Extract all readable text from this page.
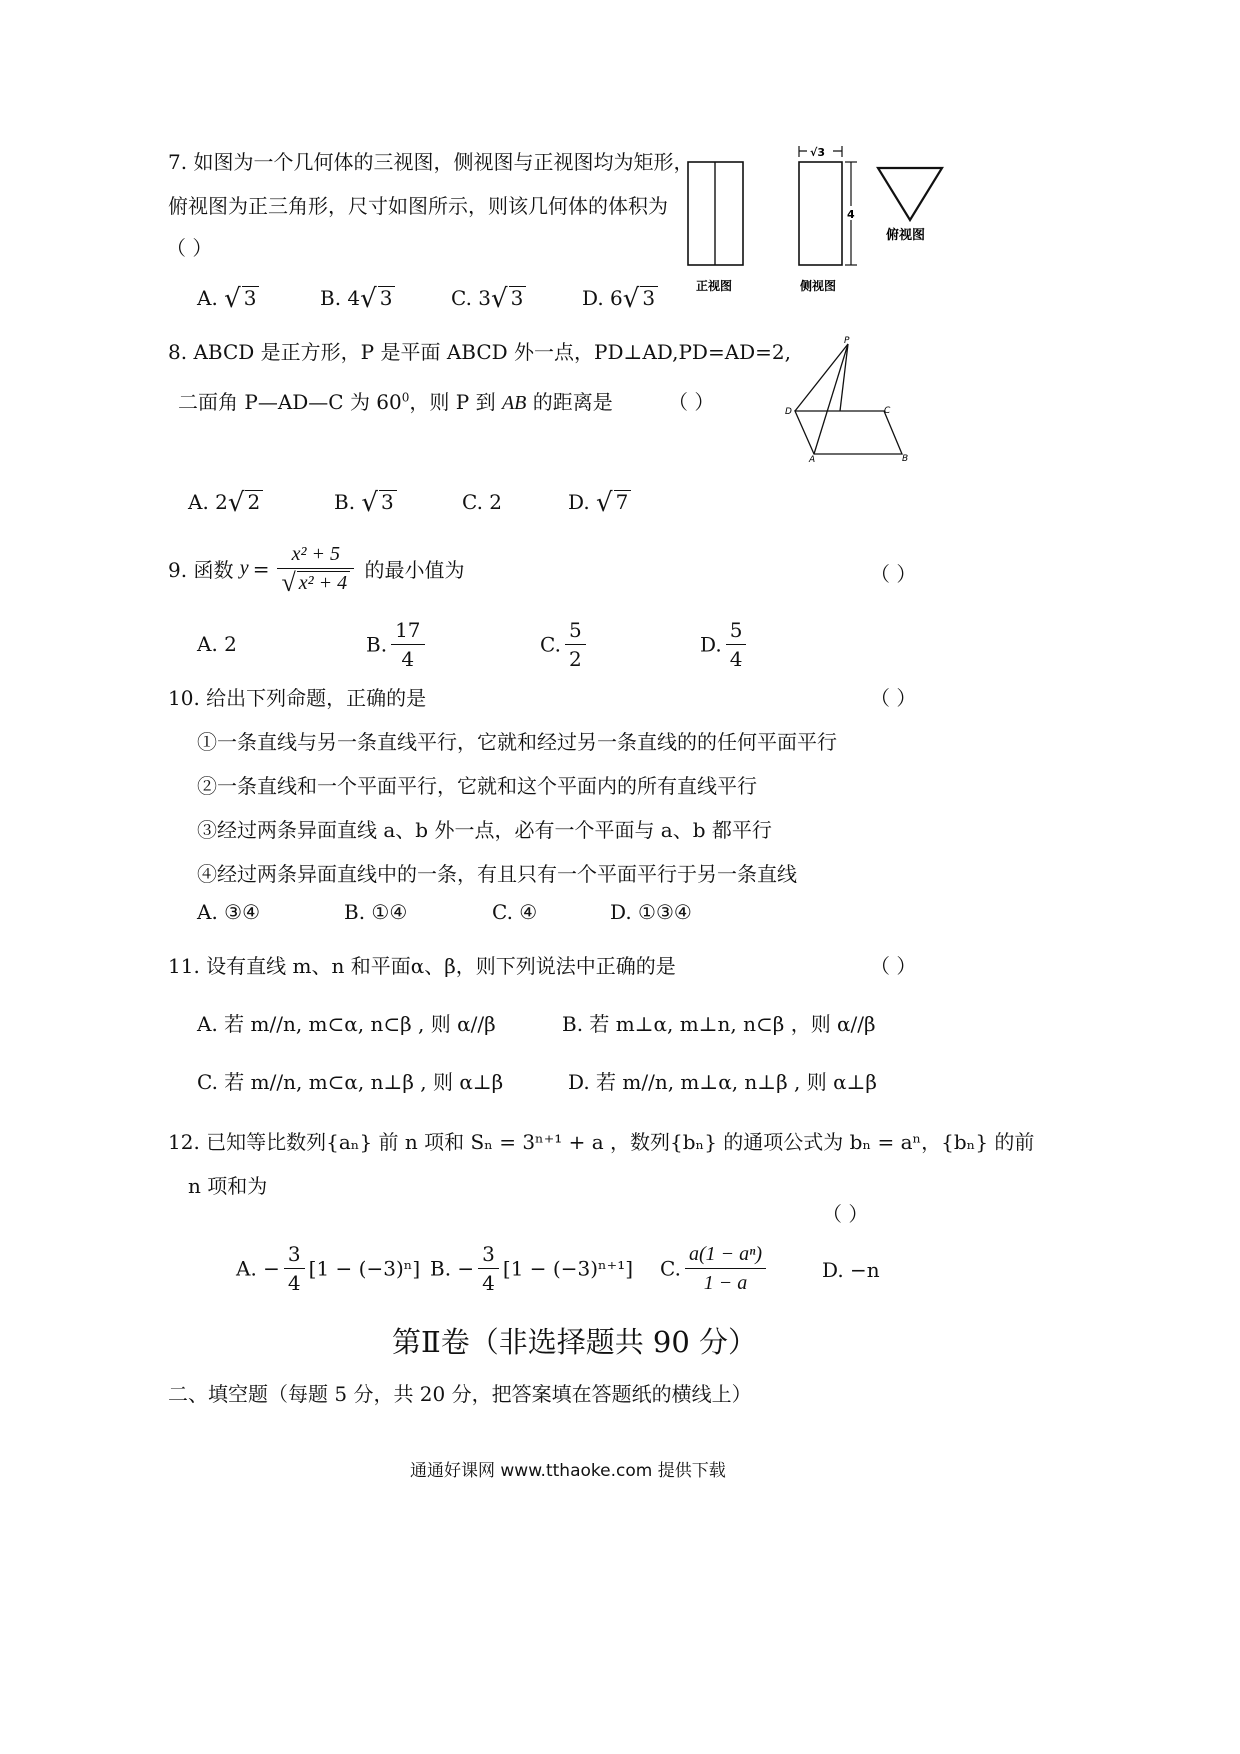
7. 如图为一个几何体的三视图，侧视图与正视图均为矩形，
俯视图为正三角形，尺寸如图所示，则该几何体的体积为
（ ）
A. √ 3	B. 4√ 3	C. 3√ 3	D. 6√ 3	正视图
√3
4
侧视图
俯视图
8. ABCD 是正方形，P 是平面 ABCD 外一点，PD⊥AD,PD=AD=2,
二面角 P—AD—C 为 $60^0$，则 P 到 AB 的距离是	（ ）
A. 2√ 2	B. √ 3	C. 2	D. √ 7
P
D	C
A	B
9. 函数 $y = \frac{\text{x² + 5}}{\text{√ x² + 4}}$ 的最小值为	（ ）
A. 2	B. $\frac{17}{4}$	C. $\frac{5}{2}$	D. $\frac{5}{4}$
10. 给出下列命题，正确的是	（ ）
①一条直线与另一条直线平行，它就和经过另一条直线的的任何平面平行
②一条直线和一个平面平行，它就和这个平面内的所有直线平行
③经过两条异面直线 a、b 外一点，必有一个平面与 a、b 都平行
④经过两条异面直线中的一条，有且只有一个平面平行于另一条直线
A. ③④	B. ①④	C. ④	D. ①③④
11. 设有直线 m、n 和平面α、β，则下列说法中正确的是	（ ）
A. 若 m//n, m⊂α, n⊂β , 则 α//β	B. 若 m⊥α, m⊥n, n⊂β ，则 α//β
C. 若 m//n, m⊂α, n⊥β , 则 α⊥β	D. 若 m//n, m⊥α, n⊥β , 则 α⊥β
12. 已知等比数列{aₙ} 前 n 项和 Sₙ = 3ⁿ⁺¹ + a ，数列{bₙ} 的通项公式为 bₙ = aⁿ，{bₙ} 的前
n 项和为
（ ）
A. − $\frac{3}{4} [1 - (-3)^n] B$. − $\frac{3}{4} [1 - (-3)^{n+1}]$ C. $\frac{\text{a(1 − aⁿ)}}{1 - a}$	D. −n
第Ⅱ卷（非选择题共 90 分）
二、填空题（每题 5 分，共 20 分，把答案填在答题纸的横线上）
通通好课网 www.tthaoke.com 提供下载
